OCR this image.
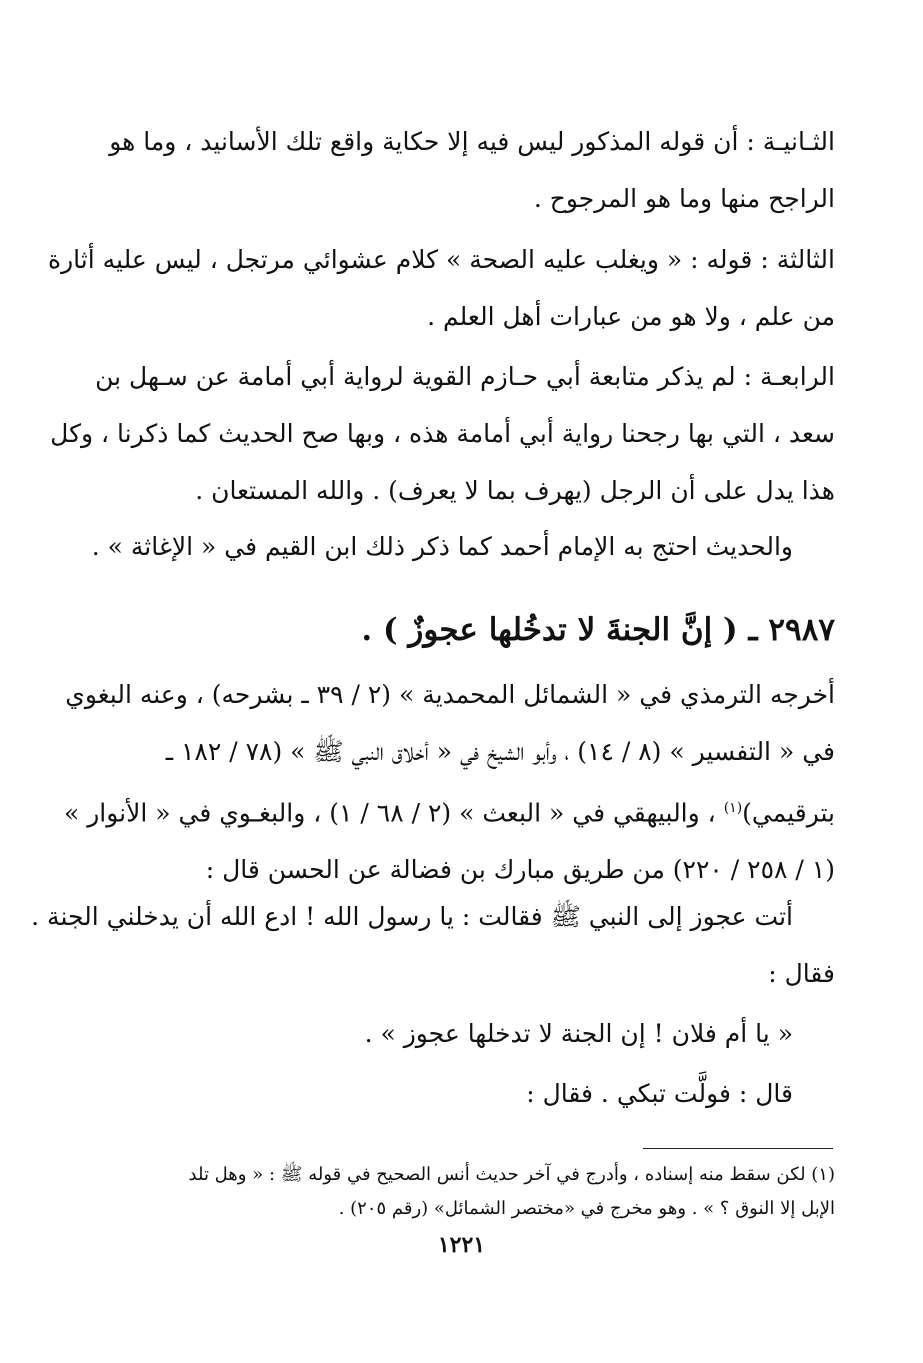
الثـانيـة : أن قوله المذكور ليس فيه إلا حكاية واقع تلك الأسانيد ، وما هو
الراجح منها وما هو المرجوح .
الثالثة : قوله : « ويغلب عليه الصحة » كلام عشوائي مرتجل ، ليس عليه أثارة
من علم ، ولا هو من عبارات أهل العلم .
الرابعـة : لم يذكر متابعة أبي حـازم القوية لرواية أبي أمامة عن سـهل بن
سعد ، التي بها رجحنا رواية أبي أمامة هذه ، وبها صح الحديث كما ذكرنا ، وكل
هذا يدل على أن الرجل (يهرف بما لا يعرف) . والله المستعان .
والحديث احتج به الإمام أحمد كما ذكر ذلك ابن القيم في « الإغاثة » .
٢٩٨٧ ـ ( إنَّ الجنةَ لا تدخُلها عجوزٌ ) .
أخرجه الترمذي في « الشمائل المحمدية » (٢ / ٣٩ ـ بشرحه) ، وعنه البغوي
في « التفسير » (٨ / ١٤) ، وأبو الشيخ في « أخلاق النبي ﷺ » (٧٨ / ١٨٢ ـ
بترقيمي)$^{(١)}$ ، والبيهقي في « البعث » (٢ / ٦٨ / ١) ، والبغـوي في « الأنوار »
(١ / ٢٥٨ / ٢٢٠) من طريق مبارك بن فضالة عن الحسن قال :
أتت عجوز إلى النبي ﷺ فقالت : يا رسول الله ! ادع الله أن يدخلني الجنة .
فقال :

« يا أم فلان ! إن الجنة لا تدخلها عجوز » .

قال : فولَّت تبكي . فقال :

(١) لكن سقط منه إسناده ، وأدرج في آخر حديث أنس الصحيح في قوله ﷺ : « وهل تلد
الإبل إلا النوق ؟ » . وهو مخرج في «مختصر الشمائل» (رقم ٢٠٥) .

١٢٢١
